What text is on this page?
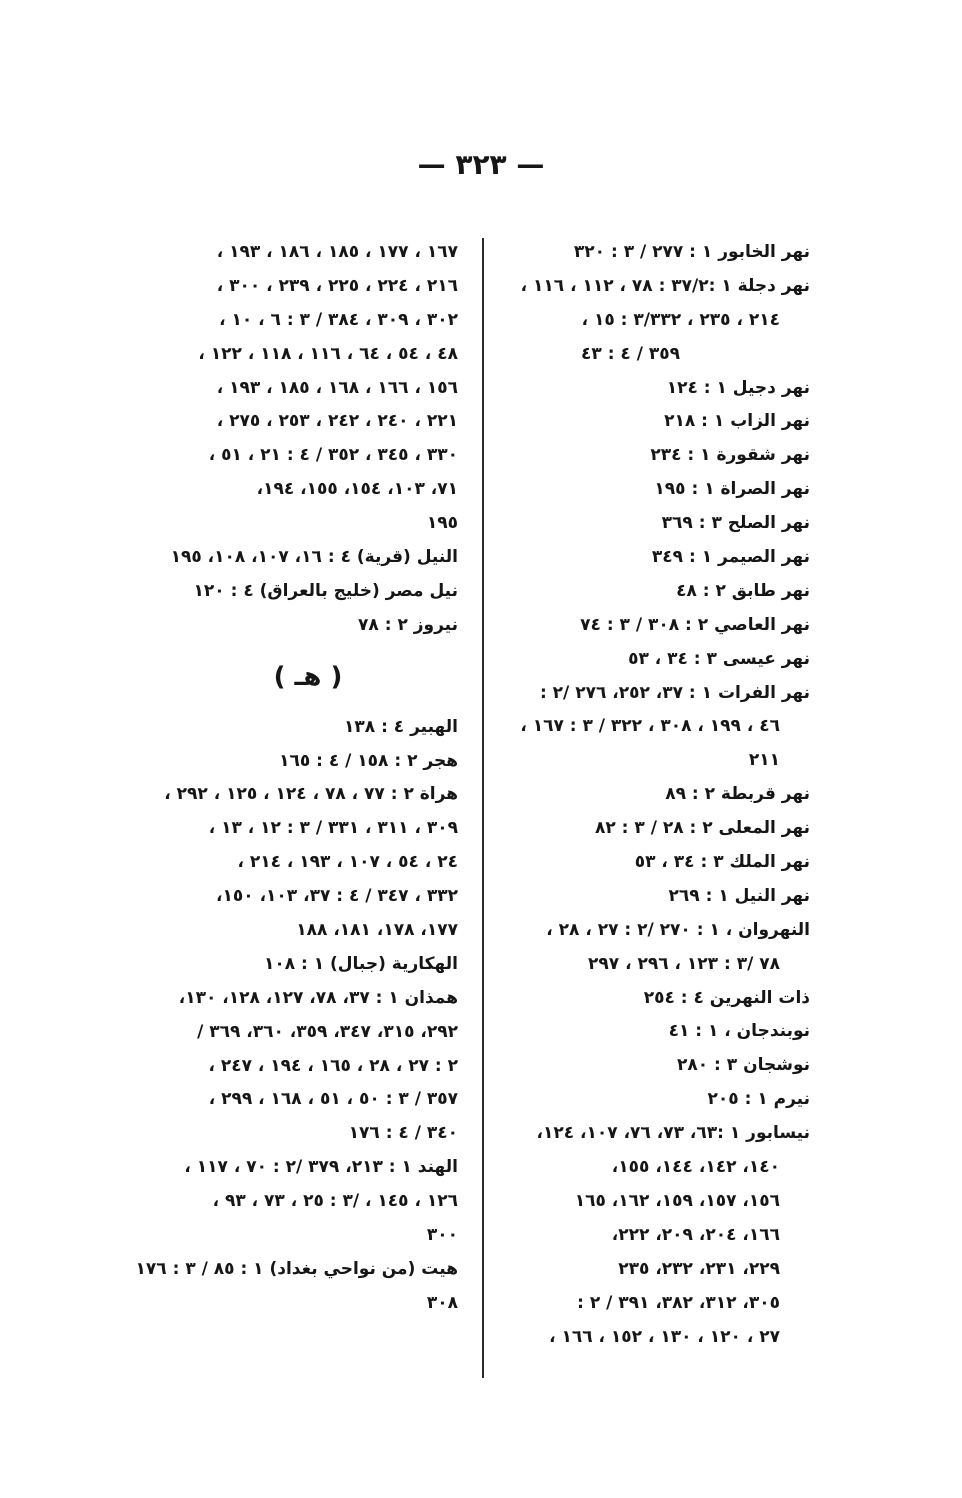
— ٣٢٣ —
نهر الخابور ١ : ٢٧٧ / ٣ : ٣٢٠
نهر دجلة ١ :٣٧/٢ : ٧٨ ، ١١٢ ، ١١٦ ،
٢١٤ ، ٢٣٥ ، ٣/٣٣٢ : ١٥ ،
٣٥٩ / ٤ : ٤٣
نهر دجيل ١ : ١٢٤
نهر الزاب ١ : ٢١٨
نهر شقورة ١ : ٢٣٤
نهر الصراة ١ : ١٩٥
نهر الصلح ٣ : ٣٦٩
نهر الصيمر ١ : ٣٤٩
نهر طابق ٢ : ٤٨
نهر العاصي ٢ : ٣٠٨ / ٣ : ٧٤
نهر عيسى ٣ : ٣٤ ، ٥٣
نهر الفرات ١ : ٣٧، ٢٥٢، ٢٧٦ /٢ :
٤٦ ، ١٩٩ ، ٣٠٨ ، ٣٢٢ / ٣ : ١٦٧ ،
٢١١
نهر قربطة ٢ : ٨٩
نهر المعلى ٢ : ٢٨ / ٣ : ٨٢
نهر الملك ٣ : ٣٤ ، ٥٣
نهر النيل ١ : ٢٦٩
النهروان ، ١ : ٢٧٠ /٢ : ٢٧ ، ٢٨ ،
٧٨ /٣ : ١٢٣ ، ٢٩٦ ، ٢٩٧
ذات النهرين ٤ : ٢٥٤
نوبندجان ، ١ : ٤١
نوشجان ٣ : ٢٨٠
نيرم ١ : ٢٠٥
نيسابور ١ :٦٣، ٧٣، ٧٦، ١٠٧، ١٢٤،
١٤٠، ١٤٢، ١٤٤، ١٥٥،
١٥٦، ١٥٧، ١٥٩، ١٦٢، ١٦٥
١٦٦، ٢٠٤، ٢٠٩، ٢٢٢،
٢٢٩، ٢٣١، ٢٣٢، ٢٣٥
٣٠٥، ٣١٢، ٣٨٢، ٣٩١ / ٢ :
٢٧ ، ١٢٠ ، ١٣٠ ، ١٥٢ ، ١٦٦ ،
١٦٧ ، ١٧٧ ، ١٨٥ ، ١٨٦ ، ١٩٣ ،
٢١٦ ، ٢٢٤ ، ٢٢٥ ، ٢٣٩ ، ٣٠٠ ،
٣٠٢ ، ٣٠٩ ، ٣٨٤ / ٣ : ٦ ، ١٠ ،
٤٨ ، ٥٤ ، ٦٤ ، ١١٦ ، ١١٨ ، ١٢٢ ،
١٥٦ ، ١٦٦ ، ١٦٨ ، ١٨٥ ، ١٩٣ ،
٢٢١ ، ٢٤٠ ، ٢٤٢ ، ٢٥٣ ، ٢٧٥ ،
٣٣٠ ، ٣٤٥ ، ٣٥٢ / ٤ : ٢١ ، ٥١ ،
٧١، ١٠٣، ١٥٤، ١٥٥، ١٩٤،
١٩٥
النيل (قرية) ٤ : ١٦، ١٠٧، ١٠٨، ١٩٥
نيل مصر (خليج بالعراق) ٤ : ١٢٠
نيروز ٢ : ٧٨
( هـ )
الهبير ٤ : ١٣٨
هجر ٢ : ١٥٨ / ٤ : ١٦٥
هراة ٢ : ٧٧ ، ٧٨ ، ١٢٤ ، ١٢٥ ، ٢٩٢ ،
٣٠٩ ، ٣١١ ، ٣٣١ / ٣ : ١٢ ، ١٣ ،
٢٤ ، ٥٤ ، ١٠٧ ، ١٩٣ ، ٢١٤ ،
٣٣٢ ، ٣٤٧ / ٤ : ٣٧، ١٠٣، ١٥٠،
١٧٧، ١٧٨، ١٨١، ١٨٨
الهكارية (جبال) ١ : ١٠٨
همذان ١ : ٣٧، ٧٨، ١٢٧، ١٢٨، ١٣٠،
٢٩٢، ٣١٥، ٣٤٧، ٣٥٩، ٣٦٠، ٣٦٩ /
٢ : ٢٧ ، ٢٨ ، ١٦٥ ، ١٩٤ ، ٢٤٧ ،
٣٥٧ / ٣ : ٥٠ ، ٥١ ، ١٦٨ ، ٢٩٩ ،
٣٤٠ / ٤ : ١٧٦
الهند ١ : ٢١٣، ٣٧٩ /٢ : ٧٠ ، ١١٧ ،
١٢٦ ، ١٤٥ ، /٣ : ٢٥ ، ٧٣ ، ٩٣ ،
٣٠٠
هيت (من نواحي بغداد) ١ : ٨٥ / ٣ : ١٧٦
٣٠٨
